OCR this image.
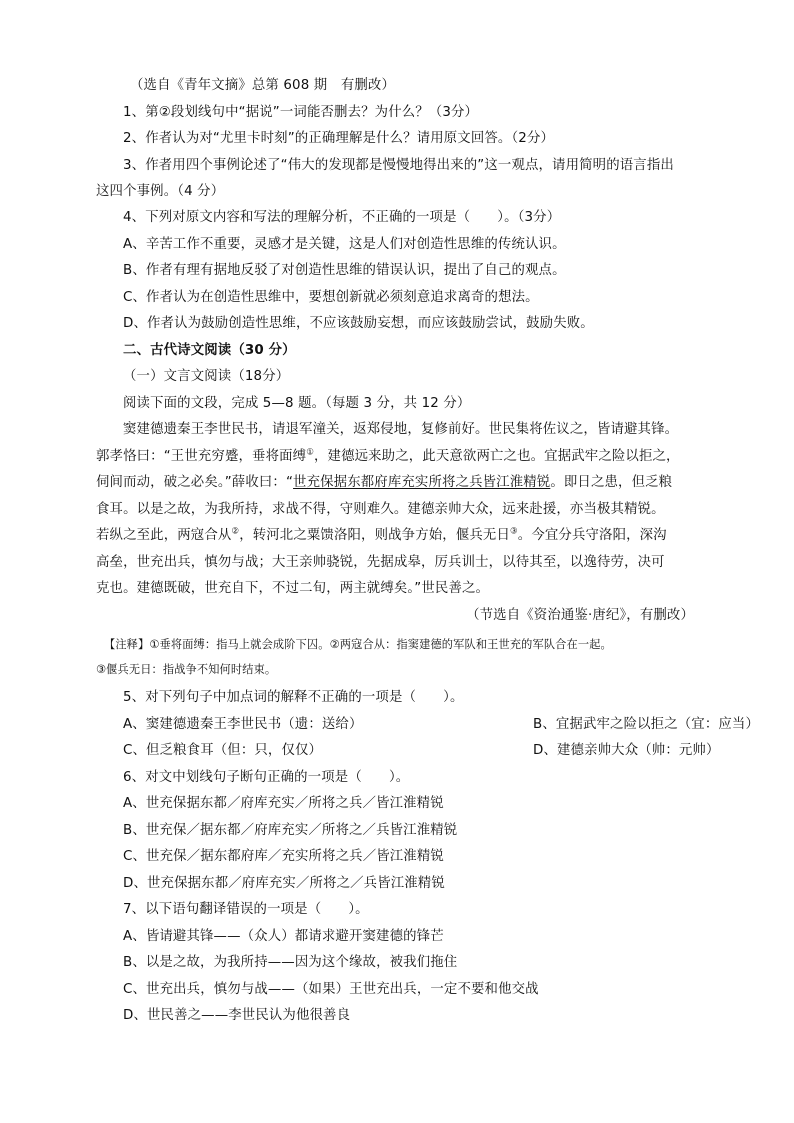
（选自《青年文摘》总第 608 期　有删改）
1、第②段划线句中“据说”一词能否删去？为什么？（3分）
2、作者认为对“尤里卡时刻”的正确理解是什么？请用原文回答。（2分）
3、作者用四个事例论述了“伟大的发现都是慢慢地得出来的”这一观点，请用简明的语言指出
这四个事例。（4 分）
4、下列对原文内容和写法的理解分析，不正确的一项是（　　）。（3分）
A、辛苦工作不重要，灵感才是关键，这是人们对创造性思维的传统认识。
B、作者有理有据地反驳了对创造性思维的错误认识，提出了自己的观点。
C、作者认为在创造性思维中，要想创新就必须刻意追求离奇的想法。
D、作者认为鼓励创造性思维，不应该鼓励妄想，而应该鼓励尝试，鼓励失败。
二、古代诗文阅读（30 分）
（一）文言文阅读（18分）
阅读下面的文段，完成 5—8 题。（每题 3 分，共 12 分）
窦建德遗秦王李世民书，请退军潼关，返郑侵地，复修前好。世民集将佐议之，皆请避其锋。
郭孝恪曰：“王世充穷蹙，垂将面缚①，建德远来助之，此天意欲两亡之也。宜据武牢之险以拒之，
伺间而动，破之必矣。”薛收曰：“世充保据东都府库充实所将之兵皆江淮精锐。即日之患，但乏粮
食耳。以是之故，为我所持，求战不得，守则难久。建德亲帅大众，远来赴援，亦当极其精锐。
若纵之至此，两寇合从②，转河北之粟馈洛阳，则战争方始，偃兵无日③。今宜分兵守洛阳，深沟
高垒，世充出兵，慎勿与战；大王亲帅骁锐，先据成皋，厉兵训士，以待其至，以逸待劳，决可
克也。建德既破，世充自下，不过二旬，两主就缚矣。”世民善之。
（节选自《资治通鉴·唐纪》，有删改）
【注释】①垂将面缚：指马上就会成阶下囚。②两寇合从：指窦建德的军队和王世充的军队合在一起。
③偃兵无日：指战争不知何时结束。
5、对下列句子中加点词的解释不正确的一项是（　　）。
A、窦建德遗秦王李世民书（遗：送给）	B、宜据武牢之险以拒之（宜：应当）
C、但乏粮食耳（但：只，仅仅）	D、建德亲帅大众（帅：元帅）
6、对文中划线句子断句正确的一项是（　　）。
A、世充保据东都／府库充实／所将之兵／皆江淮精锐
B、世充保／据东都／府库充实／所将之／兵皆江淮精锐
C、世充保／据东都府库／充实所将之兵／皆江淮精锐
D、世充保据东都／府库充实／所将之／兵皆江淮精锐
7、以下语句翻译错误的一项是（　　）。
A、皆请避其锋——（众人）都请求避开窦建德的锋芒
B、以是之故，为我所持——因为这个缘故，被我们拖住
C、世充出兵，慎勿与战——（如果）王世充出兵，一定不要和他交战
D、世民善之——李世民认为他很善良
